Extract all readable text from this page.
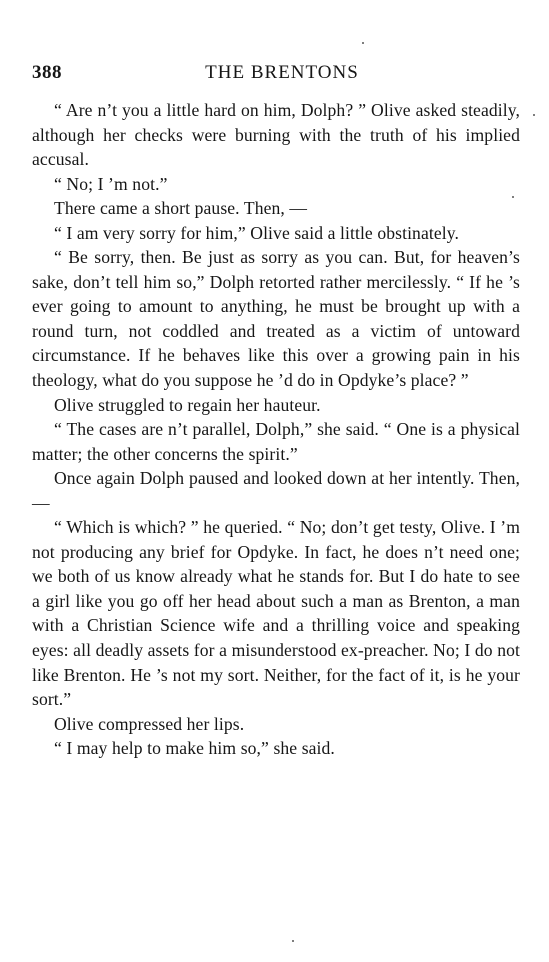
388	THE BRENTONS

“ Are n’t you a little hard on him, Dolph? ” Olive asked steadily, although her checks were burning with the truth of his implied accusal.

“ No; I ’m not.”

There came a short pause. Then, —

“ I am very sorry for him,” Olive said a little obstinately.

“ Be sorry, then. Be just as sorry as you can. But, for heaven’s sake, don’t tell him so,” Dolph retorted rather mercilessly. “ If he ’s ever going to amount to anything, he must be brought up with a round turn, not coddled and treated as a victim of untoward circumstance. If he behaves like this over a growing pain in his theology, what do you suppose he ’d do in Opdyke’s place? ”

Olive struggled to regain her hauteur.

“ The cases are n’t parallel, Dolph,” she said. “ One is a physical matter; the other concerns the spirit.”

Once again Dolph paused and looked down at her intently. Then, —

“ Which is which? ” he queried. “ No; don’t get testy, Olive. I ’m not producing any brief for Opdyke. In fact, he does n’t need one; we both of us know already what he stands for. But I do hate to see a girl like you go off her head about such a man as Brenton, a man with a Christian Science wife and a thrilling voice and speaking eyes: all deadly assets for a misunderstood ex-preacher. No; I do not like Brenton. He ’s not my sort. Neither, for the fact of it, is he your sort.”

Olive compressed her lips.

“ I may help to make him so,” she said.
